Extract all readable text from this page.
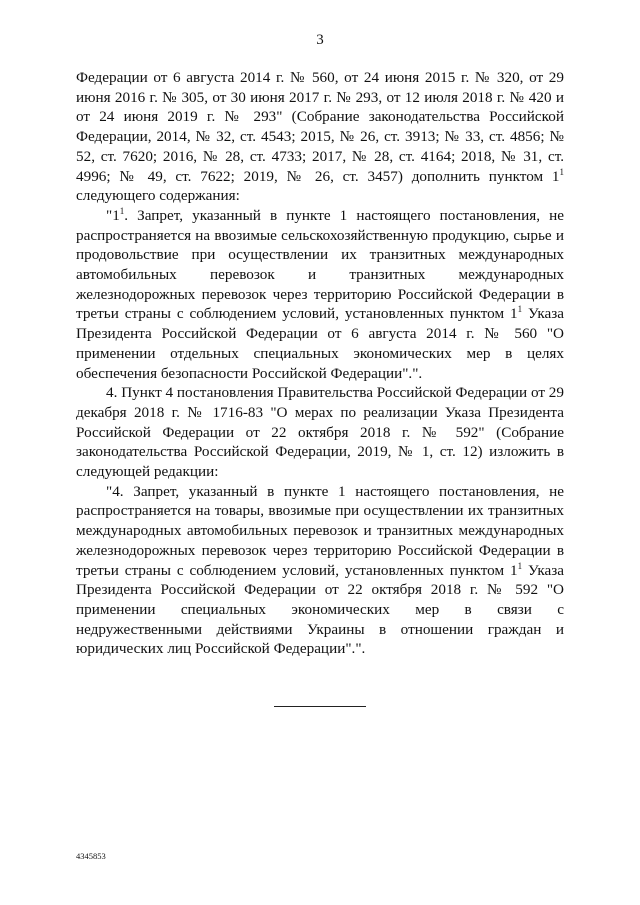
3

Федерации от 6 августа 2014 г. № 560, от 24 июня 2015 г. № 320, от 29 июня 2016 г. № 305, от 30 июня 2017 г. № 293, от 12 июля 2018 г. № 420 и от 24 июня 2019 г. № 293" (Собрание законодательства Российской Федерации, 2014, № 32, ст. 4543; 2015, № 26, ст. 3913; № 33, ст. 4856; № 52, ст. 7620; 2016, № 28, ст. 4733; 2017, № 28, ст. 4164; 2018, № 31, ст. 4996; № 49, ст. 7622; 2019, № 26, ст. 3457) дополнить пунктом $1^1$ следующего содержания:

"$1^1$. Запрет, указанный в пункте 1 настоящего постановления, не распространяется на ввозимые сельскохозяйственную продукцию, сырье и продовольствие при осуществлении их транзитных международных автомобильных перевозок и транзитных международных железнодорожных перевозок через территорию Российской Федерации в третьи страны с соблюдением условий, установленных пунктом $1^1$ Указа Президента Российской Федерации от 6 августа 2014 г. № 560 "О применении отдельных специальных экономических мер в целях обеспечения безопасности Российской Федерации".".

4. Пункт 4 постановления Правительства Российской Федерации от 29 декабря 2018 г. № 1716-83 "О мерах по реализации Указа Президента Российской Федерации от 22 октября 2018 г. № 592" (Собрание законодательства Российской Федерации, 2019, № 1, ст. 12) изложить в следующей редакции:

"4. Запрет, указанный в пункте 1 настоящего постановления, не распространяется на товары, ввозимые при осуществлении их транзитных международных автомобильных перевозок и транзитных международных железнодорожных перевозок через территорию Российской Федерации в третьи страны с соблюдением условий, установленных пунктом $1^1$ Указа Президента Российской Федерации от 22 октября 2018 г. № 592 "О применении специальных экономических мер в связи с недружественными действиями Украины в отношении граждан и юридических лиц Российской Федерации".".

4345853
